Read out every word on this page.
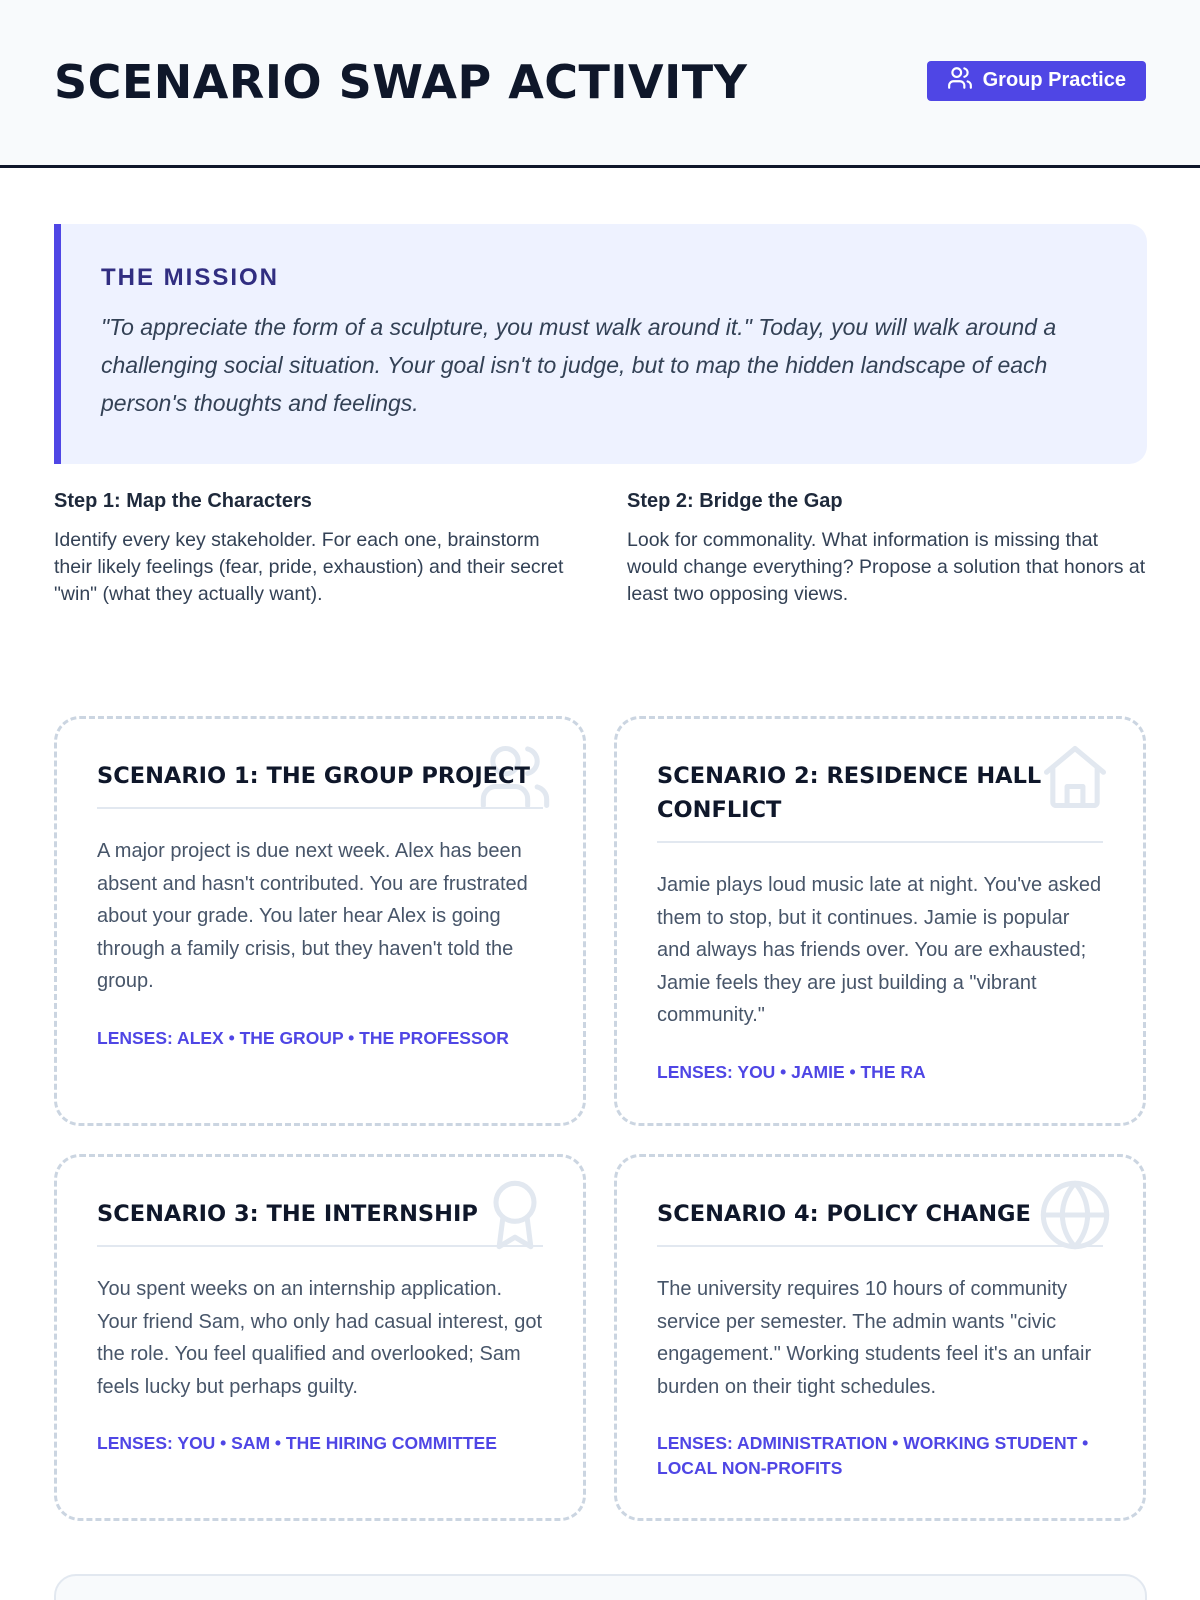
SCENARIO SWAP ACTIVITY	Group Practice
THE MISSION

"To appreciate the form of a sculpture, you must walk around it." Today, you will walk around a challenging social situation. Your goal isn't to judge, but to map the hidden landscape of each person's thoughts and feelings.

Step 1: Map the Characters

Identify every key stakeholder. For each one, brainstorm their likely feelings (fear, pride, exhaustion) and their secret "win" (what they actually want).

Step 2: Bridge the Gap

Look for commonality. What information is missing that would change everything? Propose a solution that honors at least two opposing views.

SCENARIO 1: THE GROUP PROJECT

A major project is due next week. Alex has been absent and hasn't contributed. You are frustrated about your grade. You later hear Alex is going through a family crisis, but they haven't told the group.

LENSES: ALEX • THE GROUP • THE PROFESSOR
SCENARIO 2: RESIDENCE HALL CONFLICT

Jamie plays loud music late at night. You've asked them to stop, but it continues. Jamie is popular and always has friends over. You are exhausted; Jamie feels they are just building a "vibrant community."

LENSES: YOU • JAMIE • THE RA
SCENARIO 3: THE INTERNSHIP

You spent weeks on an internship application. Your friend Sam, who only had casual interest, got the role. You feel qualified and overlooked; Sam feels lucky but perhaps guilty.

LENSES: YOU • SAM • THE HIRING COMMITTEE
SCENARIO 4: POLICY CHANGE

The university requires 10 hours of community service per semester. The admin wants "civic engagement." Working students feel it's an unfair burden on their tight schedules.

LENSES: ADMINISTRATION • WORKING STUDENT • LOCAL NON-PROFITS
